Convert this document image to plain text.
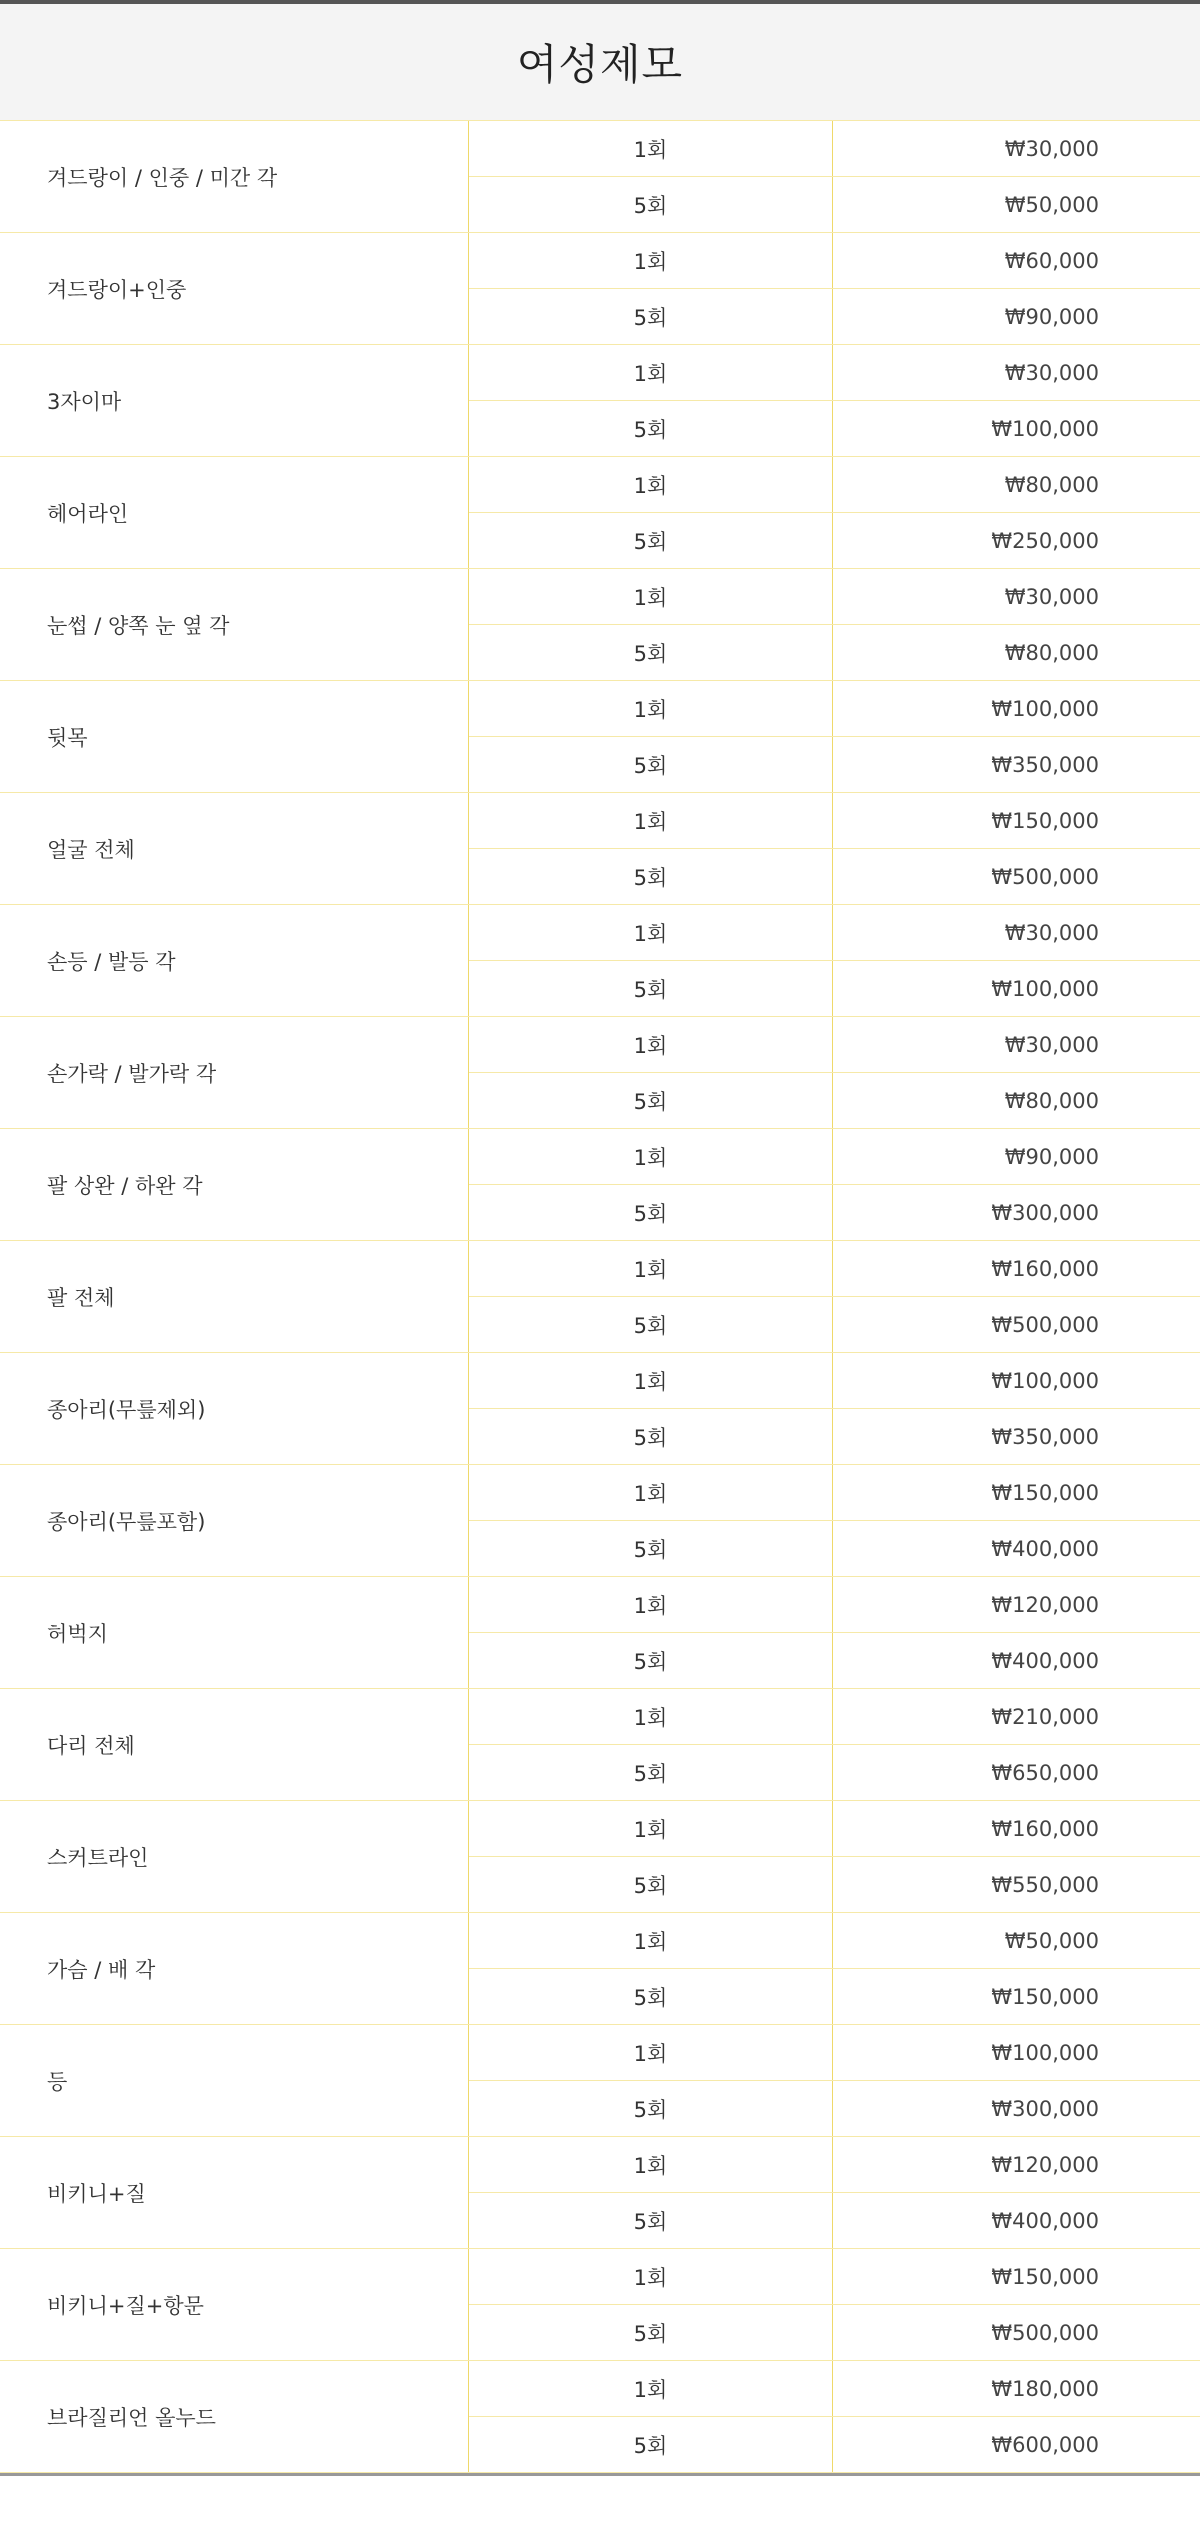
여성제모
겨드랑이 / 인중 / 미간 각
1회	₩30,000
5회	₩50,000
겨드랑이+인중
1회	₩60,000
5회	₩90,000
3자이마
1회	₩30,000
5회	₩100,000
헤어라인
1회	₩80,000
5회	₩250,000
눈썹 / 양쪽 눈 옆 각
1회	₩30,000
5회	₩80,000
뒷목
1회	₩100,000
5회	₩350,000
얼굴 전체
1회	₩150,000
5회	₩500,000
손등 / 발등 각
1회	₩30,000
5회	₩100,000
손가락 / 발가락 각
1회	₩30,000
5회	₩80,000
팔 상완 / 하완 각
1회	₩90,000
5회	₩300,000
팔 전체
1회	₩160,000
5회	₩500,000
종아리(무릎제외)
1회	₩100,000
5회	₩350,000
종아리(무릎포함)
1회	₩150,000
5회	₩400,000
허벅지
1회	₩120,000
5회	₩400,000
다리 전체
1회	₩210,000
5회	₩650,000
스커트라인
1회	₩160,000
5회	₩550,000
가슴 / 배 각
1회	₩50,000
5회	₩150,000
등
1회	₩100,000
5회	₩300,000
비키니+질
1회	₩120,000
5회	₩400,000
비키니+질+항문
1회	₩150,000
5회	₩500,000
브라질리언 올누드
1회	₩180,000
5회	₩600,000
